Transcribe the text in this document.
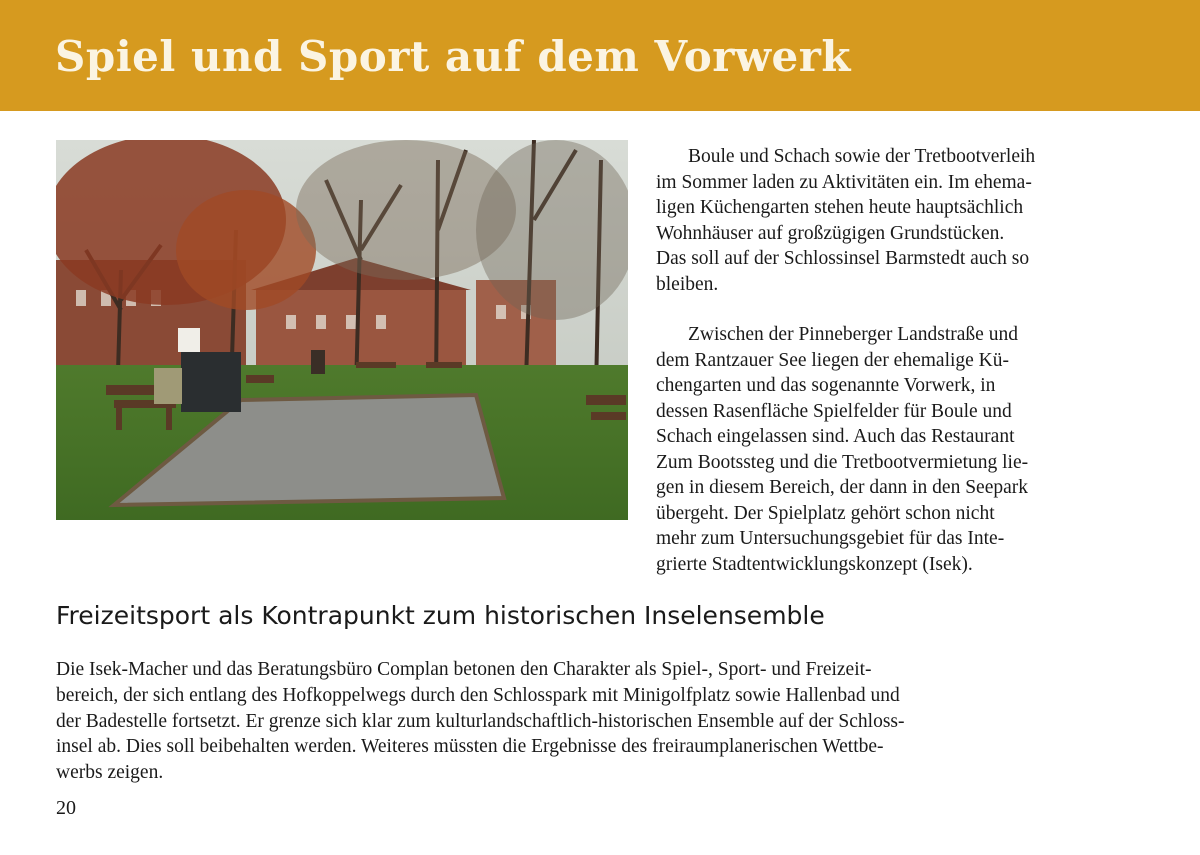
Spiel und Sport auf dem Vorwerk

Boule und Schach sowie der Tretbootverleih
im Sommer laden zu Aktivitäten ein. Im ehema-
ligen Küchengarten stehen heute hauptsächlich
Wohnhäuser auf großzügigen Grundstücken.
Das soll auf der Schlossinsel Barmstedt auch so
bleiben.

Zwischen der Pinneberger Landstraße und
dem Rantzauer See liegen der ehemalige Kü-
chengarten und das sogenannte Vorwerk, in
dessen Rasenfläche Spielfelder für Boule und
Schach eingelassen sind. Auch das Restaurant
Zum Bootssteg und die Tretbootvermietung lie-
gen in diesem Bereich, der dann in den Seepark
übergeht. Der Spielplatz gehört schon nicht
mehr zum Untersuchungsgebiet für das Inte-
grierte Stadtentwicklungskonzept (Isek).

Freizeitsport als Kontrapunkt zum historischen Inselensemble

Die Isek-Macher und das Beratungsbüro Complan betonen den Charakter als Spiel-, Sport- und Freizeit-
bereich, der sich entlang des Hofkoppelwegs durch den Schlosspark mit Minigolfplatz sowie Hallenbad und
der Badestelle fortsetzt. Er grenze sich klar zum kulturlandschaftlich-historischen Ensemble auf der Schloss-
insel ab. Dies soll beibehalten werden. Weiteres müssten die Ergebnisse des freiraumplanerischen Wettbe-
werbs zeigen.

20
